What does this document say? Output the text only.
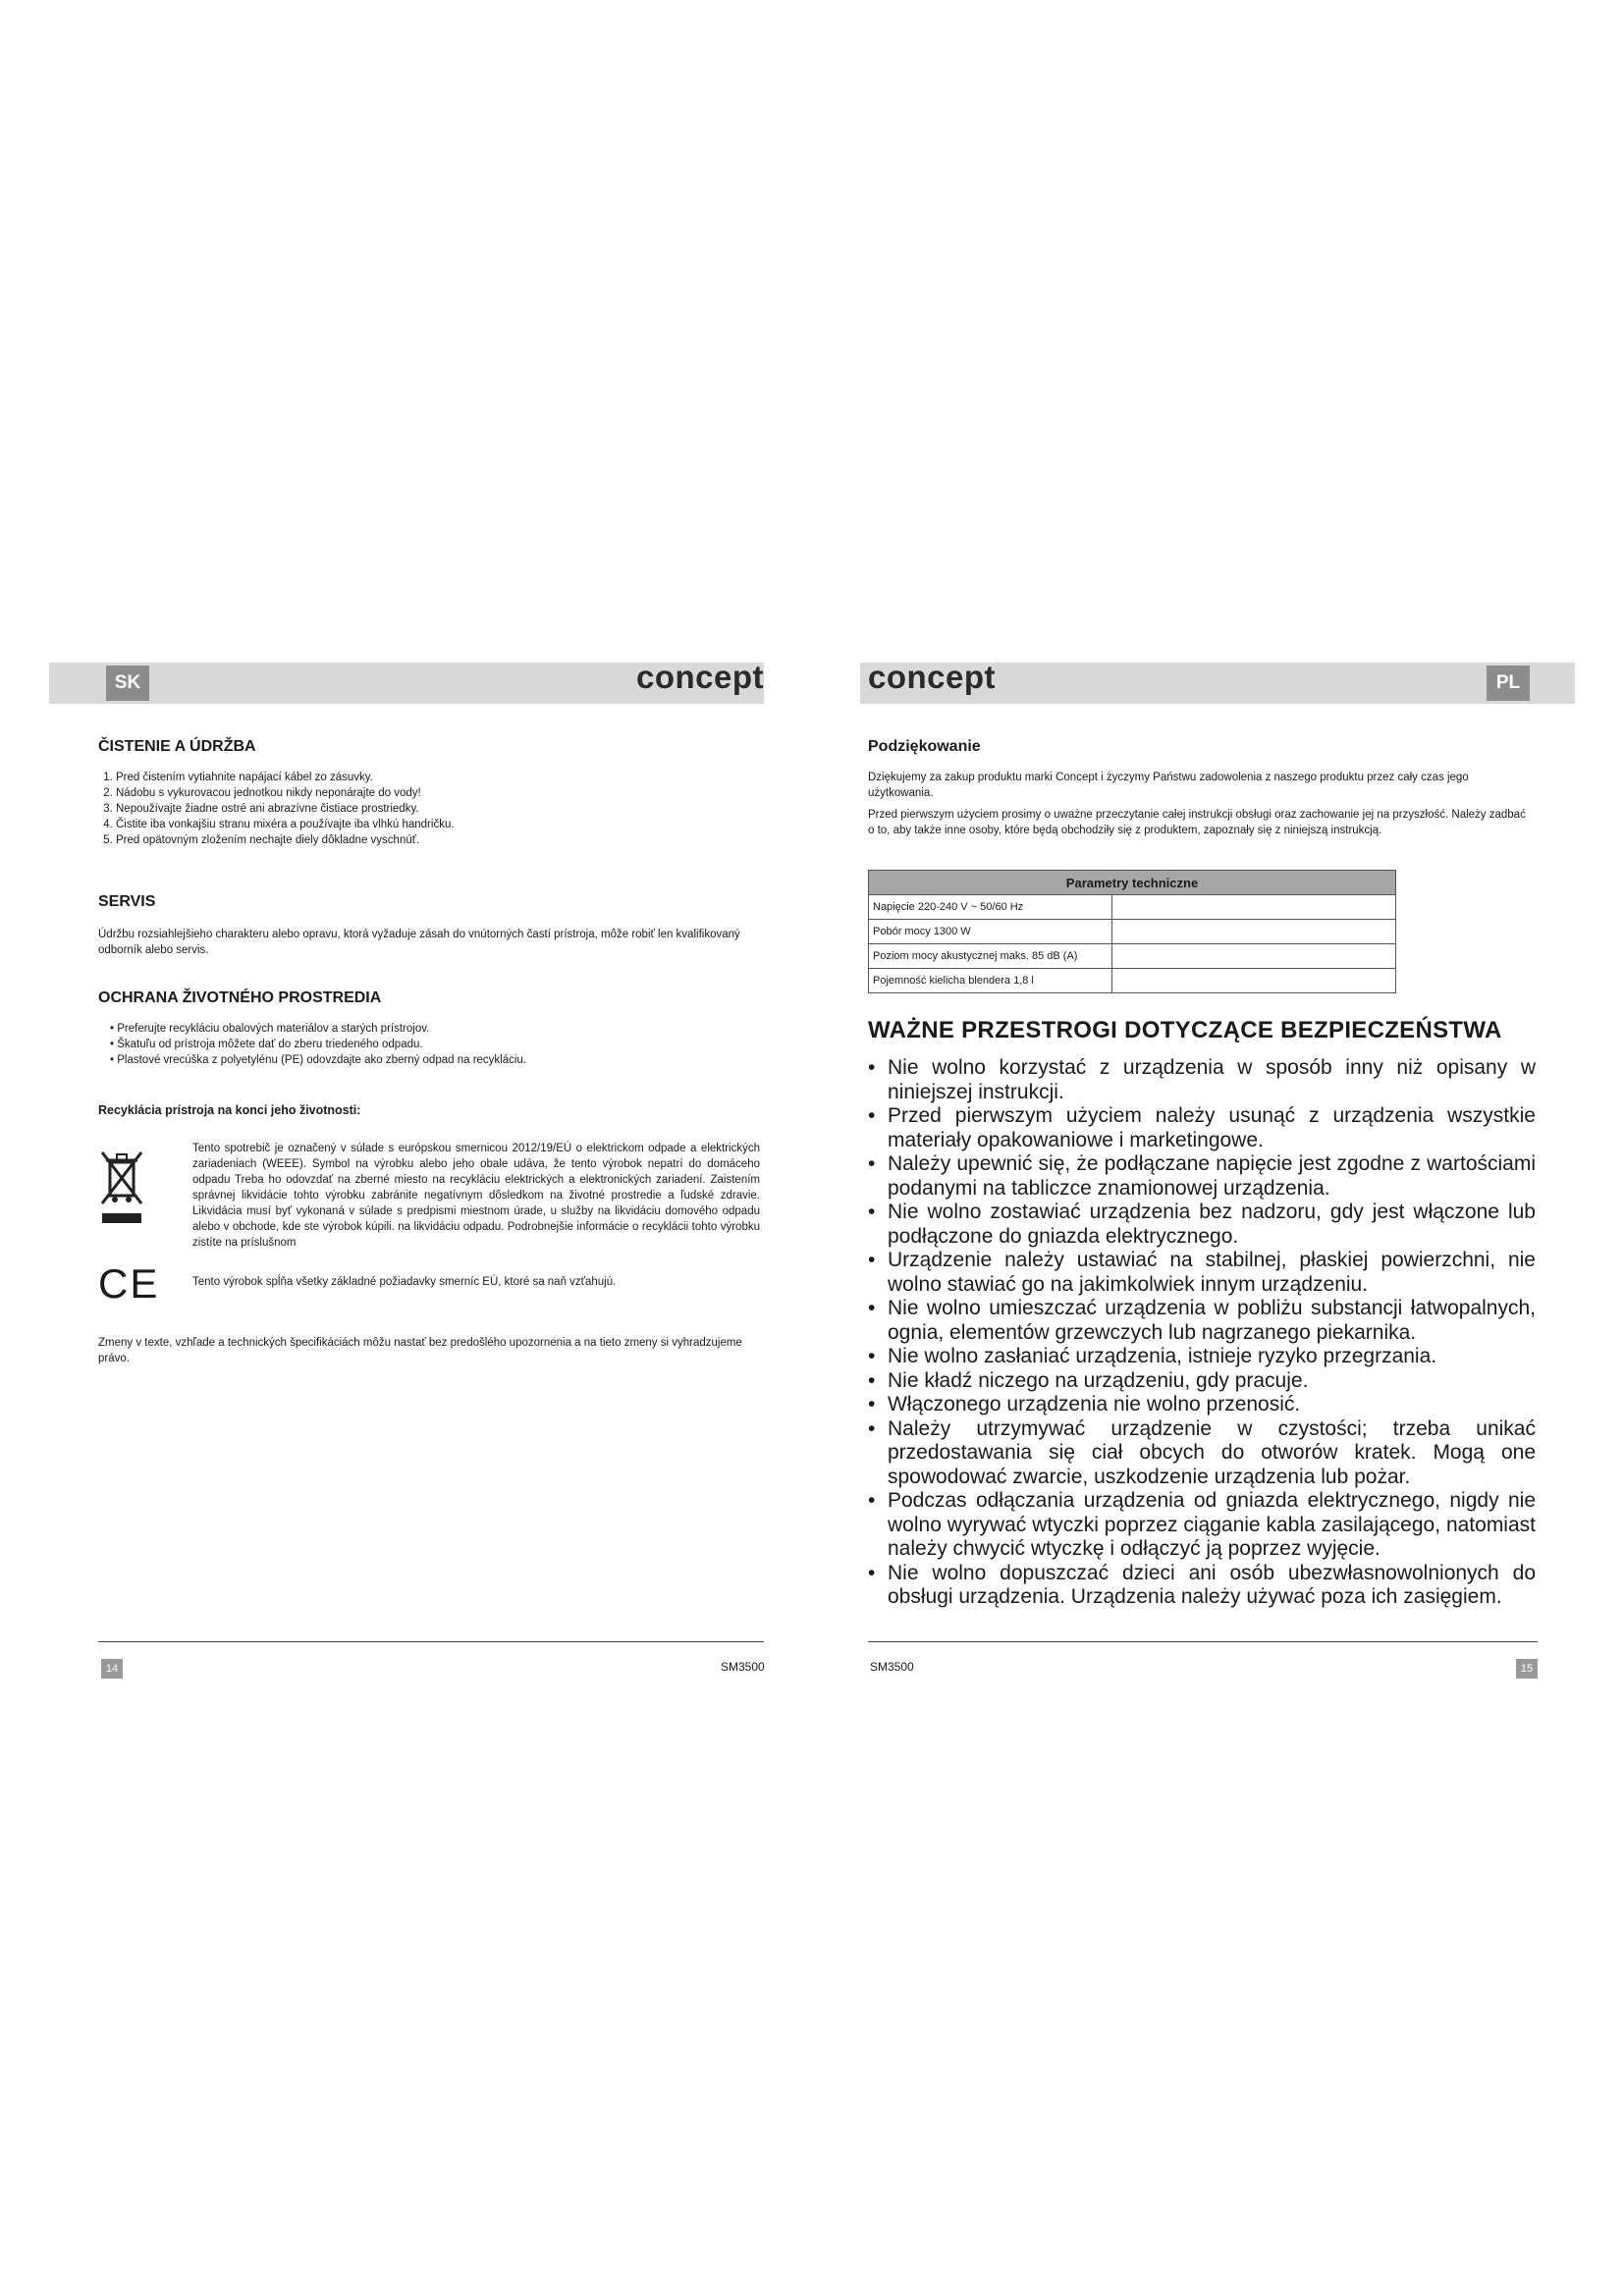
SK	PL
concept	concept
ČISTENIE A ÚDRŽBA
1. Pred čistením vytiahnite napájací kábel zo zásuvky.
2. Nádobu s vykurovacou jednotkou nikdy neponárajte do vody!
3. Nepoužívajte žiadne ostré ani abrazívne čistiace prostriedky.
4. Čistite iba vonkajšiu stranu mixéra a používajte iba vlhkú handričku.
5. Pred opätovným zložením nechajte diely dôkladne vyschnúť.
SERVIS

Údržbu rozsiahlejšieho charakteru alebo opravu, ktorá vyžaduje zásah do vnútorných častí prístroja, môže robiť len kvalifikovaný odborník alebo servis.

OCHRANA ŽIVOTNÉHO PROSTREDIA
• Preferujte recykláciu obalových materiálov a starých prístrojov.
• Škatuľu od prístroja môžete dať do zberu triedeného odpadu.
• Plastové vrecúška z polyetylénu (PE) odovzdajte ako zberný odpad na recykláciu.
Recyklácia prístroja na konci jeho životnosti:

Tento spotrebič je označený v súlade s európskou smernicou 2012/19/EÚ o elektrickom odpade a elektrických zariadeniach (WEEE). Symbol na výrobku alebo jeho obale udáva, že tento výrobok nepatrí do domáceho odpadu Treba ho odovzdať na zberné miesto na recykláciu elektrických a elektronických zariadení. Zaistením správnej likvidácie tohto výrobku zabránite negatívnym dôsledkom na životné prostredie a ľudské zdravie. Likvidácia musí byť vykonaná v súlade s predpismi miestnom úrade, u služby na likvidáciu domového odpadu alebo v obchode, kde ste výrobok kúpili. na likvidáciu odpadu. Podrobnejšie informácie o recyklácii tohto výrobku zistíte na príslušnom

CE	Tento výrobok spĺňa všetky základné požiadavky smerníc EÚ, ktoré sa naň vzťahujú.

Zmeny v texte, vzhľade a technických špecifikáciách môžu nastať bez predošlého upozornenia a na tieto zmeny si vyhradzujeme právo.

14	SM3500
Podziękowanie

Dziękujemy za zakup produktu marki Concept i życzymy Państwu zadowolenia z naszego produktu przez cały czas jego użytkowania.

Przed pierwszym użyciem prosimy o uważne przeczytanie całej instrukcji obsługi oraz zachowanie jej na przyszłość. Należy zadbać o to, aby także inne osoby, które będą obchodziły się z produktem, zapoznały się z niniejszą instrukcją.

Parametry techniczne	
Napięcie 220-240 V ~ 50/60 Hz	
Pobór mocy 1300 W	
Poziom mocy akustycznej maks. 85 dB (A)	
Pojemność kielicha blendera 1,8 l	
WAŻNE PRZESTROGI DOTYCZĄCE BEZPIECZEŃSTWA
• Nie wolno korzystać z urządzenia w sposób inny niż opisany w niniejszej instrukcji.
• Przed pierwszym użyciem należy usunąć z urządzenia wszystkie materiały opakowaniowe i marketingowe.
• Należy upewnić się, że podłączane napięcie jest zgodne z wartościami podanymi na tabliczce znamionowej urządzenia.
• Nie wolno zostawiać urządzenia bez nadzoru, gdy jest włączone lub podłączone do gniazda elektrycznego.
• Urządzenie należy ustawiać na stabilnej, płaskiej powierzchni, nie wolno stawiać go na jakimkolwiek innym urządzeniu.
• Nie wolno umieszczać urządzenia w pobliżu substancji łatwopalnych, ognia, elementów grzewczych lub nagrzanego piekarnika.
• Nie wolno zasłaniać urządzenia, istnieje ryzyko przegrzania.
• Nie kładź niczego na urządzeniu, gdy pracuje.
• Włączonego urządzenia nie wolno przenosić.
• Należy utrzymywać urządzenie w czystości; trzeba unikać przedostawania się ciał obcych do otworów kratek. Mogą one spowodować zwarcie, uszkodzenie urządzenia lub pożar.
• Podczas odłączania urządzenia od gniazda elektrycznego, nigdy nie wolno wyrywać wtyczki poprzez ciąganie kabla zasilającego, natomiast należy chwycić wtyczkę i odłączyć ją poprzez wyjęcie.
• Nie wolno dopuszczać dzieci ani osób ubezwłasnowolnionych do obsługi urządzenia. Urządzenia należy używać poza ich zasięgiem.
SM3500	15
